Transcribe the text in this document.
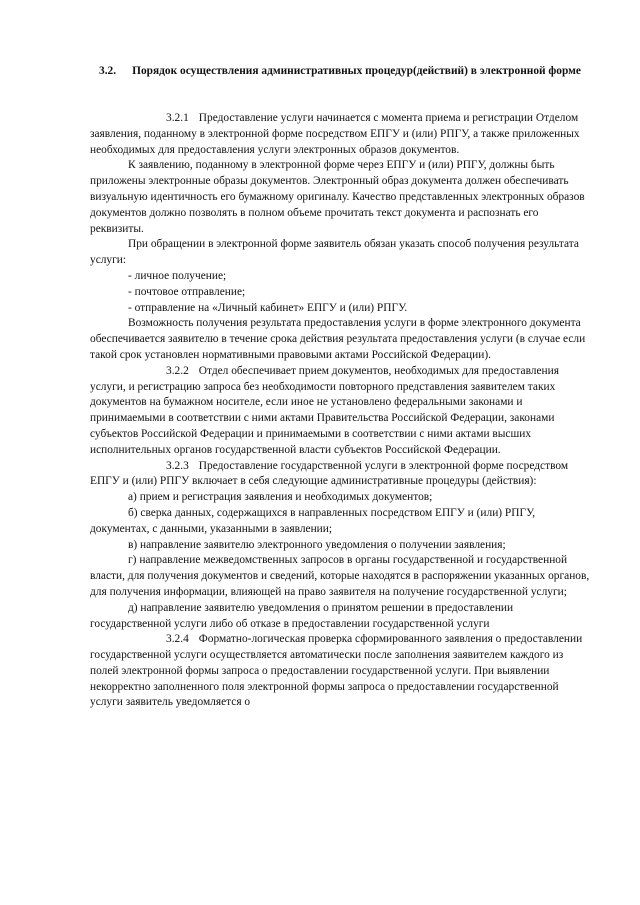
3.2. Порядок осуществления административных процедур(действий) в электронной форме

3.2.1 Предоставление услуги начинается с момента приема и регистрации Отделом заявления, поданному в электронной форме посредством ЕПГУ и (или) РПГУ, а также приложенных необходимых для предоставления услуги электронных образов документов.

К заявлению, поданному в электронной форме через ЕПГУ и (или) РПГУ, должны быть приложены электронные образы документов. Электронный образ документа должен обеспечивать визуальную идентичность его бумажному оригиналу. Качество представленных электронных образов документов должно позволять в полном объеме прочитать текст документа и распознать его реквизиты.

При обращении в электронной форме заявитель обязан указать способ получения результата услуги:

- личное получение;
- почтовое отправление;
- отправление на «Личный кабинет» ЕПГУ и (или) РПГУ.

Возможность получения результата предоставления услуги в форме электронного документа обеспечивается заявителю в течение срока действия результата предоставления услуги (в случае если такой срок установлен нормативными правовыми актами Российской Федерации).

3.2.2 Отдел обеспечивает прием документов, необходимых для предоставления услуги, и регистрацию запроса без необходимости повторного представления заявителем таких документов на бумажном носителе, если иное не установлено федеральными законами и принимаемыми в соответствии с ними актами Правительства Российской Федерации, законами субъектов Российской Федерации и принимаемыми в соответствии с ними актами высших исполнительных органов государственной власти субъектов Российской Федерации.

3.2.3 Предоставление государственной услуги в электронной форме посредством ЕПГУ и (или) РПГУ включает в себя следующие административные процедуры (действия):

а) прием и регистрация заявления и необходимых документов;

б) сверка данных, содержащихся в направленных посредством ЕПГУ и (или) РПГУ, документах, с данными, указанными в заявлении;

в) направление заявителю электронного уведомления о получении заявления;

г) направление межведомственных запросов в органы государственной и государственной власти, для получения документов и сведений, которые находятся в распоряжении указанных органов, для получения информации, влияющей на право заявителя на получение государственной услуги;

д) направление заявителю уведомления о принятом решении в предоставлении государственной услуги либо об отказе в предоставлении государственной услуги

3.2.4 Форматно-логическая проверка сформированного заявления о предоставлении государственной услуги осуществляется автоматически после заполнения заявителем каждого из полей электронной формы запроса о предоставлении государственной услуги. При выявлении некорректно заполненного поля электронной формы запроса о предоставлении государственной услуги заявитель уведомляется о
